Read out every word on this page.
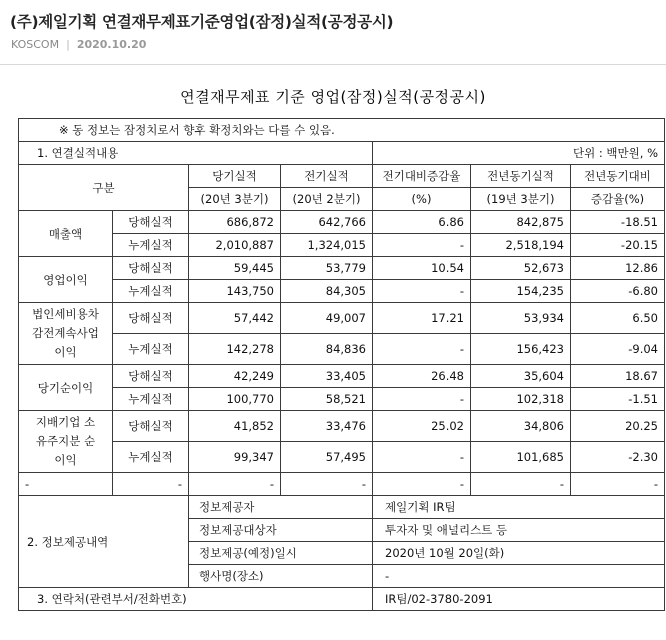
(주)제일기획 연결재무제표기준영업(잠정)실적(공정공시)
KOSCOM | 2020.10.20
연결재무제표 기준 영업(잠정)실적(공정공시)
※ 동 정보는 잠정치로서 향후 확정치와는 다를 수 있음.						
1. 연결실적내용				단위 : 백만원, %		
구분		당기실적	전기실적	전기대비증감율	전년동기실적	전년동기대비
		(20년 3분기)	(20년 2분기)	(%)	(19년 3분기)	증감율(%)
매출액	당해실적	686,872	642,766	6.86	842,875	-18.51
	누계실적	2,010,887	1,324,015	-	2,518,194	-20.15
영업이익	당해실적	59,445	53,779	10.54	52,673	12.86
	누계실적	143,750	84,305	-	154,235	-6.80

법인세비용차
감전계속사업
이익	당해실적	57,442	49,007	17.21	53,934	6.50
	누계실적	142,278	84,836	-	156,423	-9.04
당기순이익	당해실적	42,249	33,405	26.48	35,604	18.67
	누계실적	100,770	58,521	-	102,318	-1.51

지배기업 소
유주지분 순
이익	당해실적	41,852	33,476	25.02	34,806	20.25
	누계실적	99,347	57,495	-	101,685	-2.30
-	-	-	-	-	-	-
2. 정보제공내역		정보제공자		제일기획 IR팀		
		정보제공대상자		투자자 및 애널리스트 등		
		정보제공(예정)일시		2020년 10월 20일(화)		
		행사명(장소)		-		
3. 연락처(관련부서/전화번호)				IR팀/02-3780-2091		
